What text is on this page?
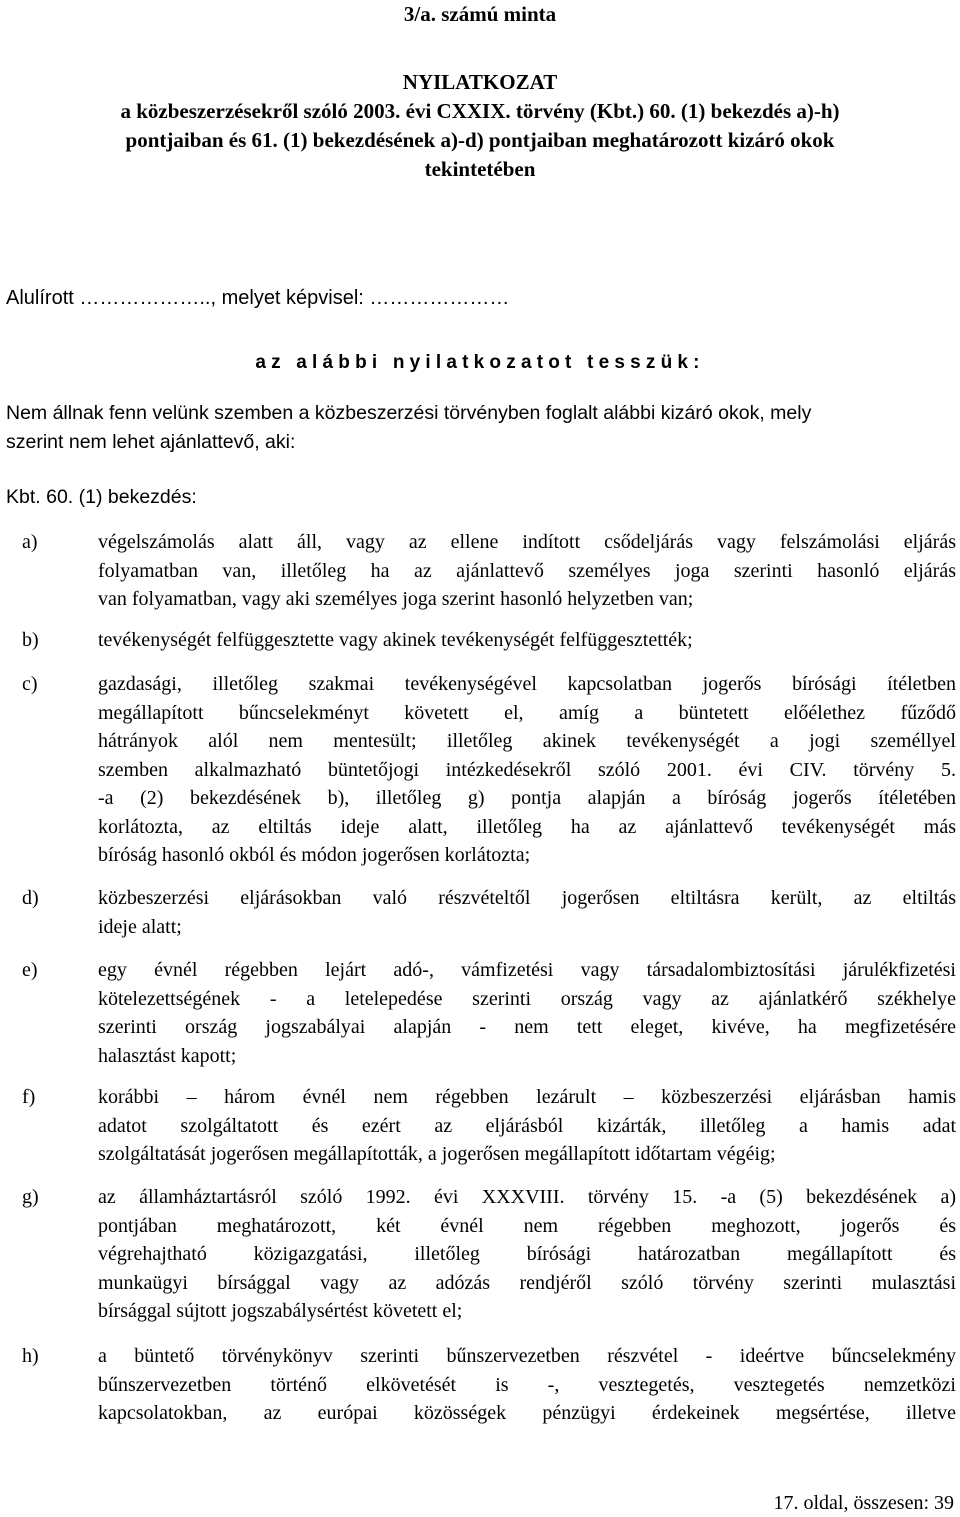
3/a. számú minta
NYILATKOZAT
a közbeszerzésekről szóló 2003. évi CXXIX. törvény (Kbt.) 60. (1) bekezdés a)-h)
pontjaiban és 61. (1) bekezdésének a)-d) pontjaiban meghatározott kizáró okok
tekintetében
Alulírott ……………….., melyet képvisel: …………………
az alábbi nyilatkozatot tesszük:
Nem állnak fenn velünk szemben a közbeszerzési törvényben foglalt alábbi kizáró okok, mely
szerint nem lehet ajánlattevő, aki:
Kbt. 60. (1) bekezdés:
a)	végelszámolás alatt áll, vagy az ellene indított csődeljárás vagy felszámolási eljárás
folyamatban van, illetőleg ha az ajánlattevő személyes joga szerinti hasonló eljárás
van folyamatban, vagy aki személyes joga szerint hasonló helyzetben van;
b)	tevékenységét felfüggesztette vagy akinek tevékenységét felfüggesztették;
c)	gazdasági, illetőleg szakmai tevékenységével kapcsolatban jogerős bírósági ítéletben
megállapított bűncselekményt követett el, amíg a büntetett előélethez fűződő
hátrányok alól nem mentesült; illetőleg akinek tevékenységét a jogi személlyel
szemben alkalmazható büntetőjogi intézkedésekről szóló 2001. évi CIV. törvény 5.
-a (2) bekezdésének b), illetőleg g) pontja alapján a bíróság jogerős ítéletében
korlátozta, az eltiltás ideje alatt, illetőleg ha az ajánlattevő tevékenységét más
bíróság hasonló okból és módon jogerősen korlátozta;
d)	közbeszerzési eljárásokban való részvételtől jogerősen eltiltásra került, az eltiltás
ideje alatt;
e)	egy évnél régebben lejárt adó-, vámfizetési vagy társadalombiztosítási járulékfizetési
kötelezettségének - a letelepedése szerinti ország vagy az ajánlatkérő székhelye
szerinti ország jogszabályai alapján - nem tett eleget, kivéve, ha megfizetésére
halasztást kapott;
f)	korábbi – három évnél nem régebben lezárult – közbeszerzési eljárásban hamis
adatot szolgáltatott és ezért az eljárásból kizárták, illetőleg a hamis adat
szolgáltatását jogerősen megállapították, a jogerősen megállapított időtartam végéig;
g)	az államháztartásról szóló 1992. évi XXXVIII. törvény 15. -a (5) bekezdésének a)
pontjában meghatározott, két évnél nem régebben meghozott, jogerős és
végrehajtható közigazgatási, illetőleg bírósági határozatban megállapított és
munkaügyi bírsággal vagy az adózás rendjéről szóló törvény szerinti mulasztási
bírsággal sújtott jogszabálysértést követett el;
h)	a büntető törvénykönyv szerinti bűnszervezetben részvétel - ideértve bűncselekmény
bűnszervezetben történő elkövetését is -, vesztegetés, vesztegetés nemzetközi
kapcsolatokban, az európai közösségek pénzügyi érdekeinek megsértése, illetve
17. oldal, összesen: 39
